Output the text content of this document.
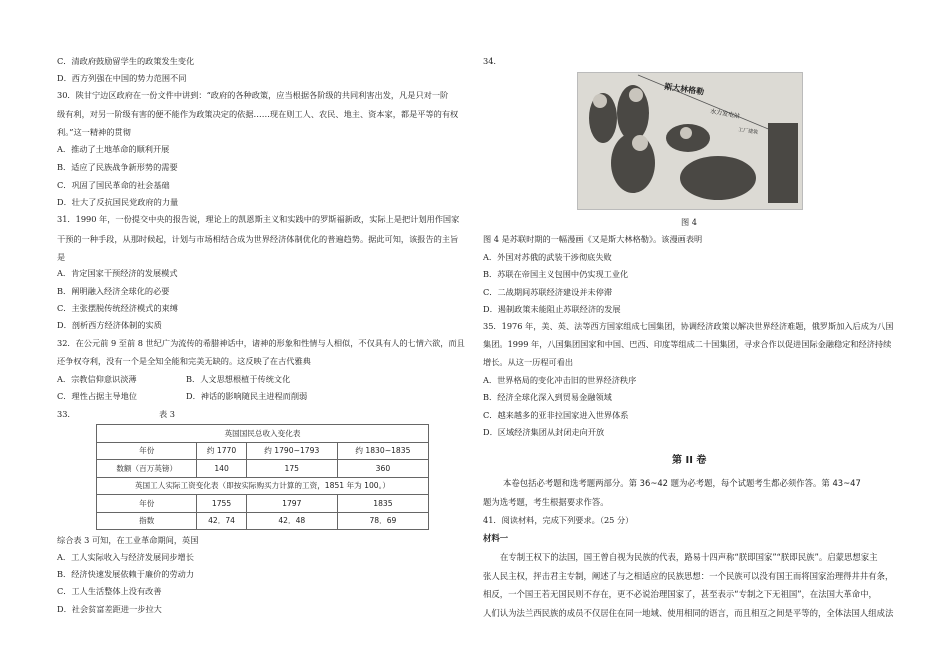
C．清政府鼓励留学生的政策发生变化
D．西方列强在中国的势力范围不同
30．陕甘宁边区政府在一份文件中讲到：“政府的各种政策，应当根据各阶级的共同利害出发，凡是只对一阶
级有利，对另一阶级有害的便不能作为政策决定的依据……现在则工人、农民、地主、资本家，都是平等的有权
利。”这一精神的贯彻
A．推动了土地革命的顺利开展
B．适应了民族战争新形势的需要
C．巩固了国民革命的社会基础
D．壮大了反抗国民党政府的力量
31．1990 年，一份提交中央的报告说，理论上的凯恩斯主义和实践中的罗斯福新政，实际上是把计划用作国家
干预的一种手段，从那时候起，计划与市场相结合成为世界经济体制优化的普遍趋势。据此可知，该报告的主旨
是
A．肯定国家干预经济的发展模式
B．阐明融入经济全球化的必要
C．主张摆脱传统经济模式的束缚
D．剖析西方经济体制的实质
32．在公元前 9 至前 8 世纪广为流传的希腊神话中，诸神的形象和性情与人相似，不仅具有人的七情六欲，而且
还争权夺利，没有一个是全知全能和完美无缺的。这反映了在古代雅典
A．宗教信仰意识淡薄	B．人文思想根植于传统文化
C．理性占据主导地位	D．神话的影响随民主进程而削弱
33.	表 3
英国国民总收入变化表			
年份	约 1770	约 1790~1793	约 1830~1835
数额（百万英镑）	140	175	360
英国工人实际工资变化表（即按实际购买力计算的工资，1851 年为 100。）			
年份	1755	1797	1835
指数	42．74	42．48	78．69
综合表 3 可知，在工业革命期间，英国
A．工人实际收入与经济发展同步增长
B．经济快速发展依赖于廉价的劳动力
C．工人生活整体上没有改善
D．社会贫富差距进一步拉大
34.
斯大林格勒
水力发电站
工厂建筑
图 4
图 4 是苏联时期的一幅漫画《又是斯大林格勒》。该漫画表明
A．外国对苏俄的武装干涉彻底失败
B．苏联在帝国主义包围中仍实现工业化
C．二战期间苏联经济建设并未停滞
D．遏制政策未能阻止苏联经济的发展
35．1976 年，美、英、法等西方国家组成七国集团，协调经济政策以解决世界经济难题，俄罗斯加入后成为八国
集团。1999 年，八国集团国家和中国、巴西、印度等组成二十国集团，寻求合作以促进国际金融稳定和经济持续
增长。从这一历程可看出
A．世界格局的变化冲击旧的世界经济秩序
B．经济全球化深入到贸易金融领域
C．越来越多的亚非拉国家进入世界体系
D．区域经济集团从封闭走向开放
第 II 卷
本卷包括必考题和选考题两部分。第 36~42 题为必考题，每个试题考生都必须作答。第 43~47
题为选考题，考生根据要求作答。
41．阅读材料，完成下列要求。（25 分）
材料一
在专制王权下的法国，国王曾自视为民族的代表，路易十四声称“朕即国家”“朕即民族”。启蒙思想家主
张人民主权，抨击君主专制，阐述了与之相适应的民族思想：一个民族可以没有国王而将国家治理得井井有条，
相反，一个国王若无国民则不存在，更不必说治理国家了，甚至表示“专制之下无祖国”，在法国大革命中，
人们认为法兰西民族的成员不仅居住在同一地域、使用相同的语言，而且相互之间是平等的，全体法国人组成法
